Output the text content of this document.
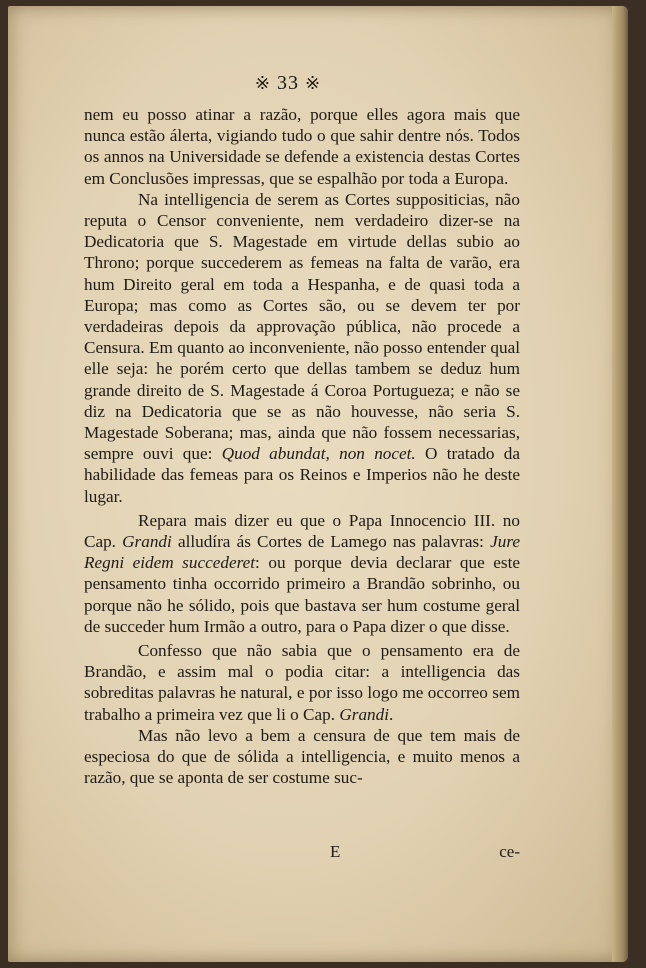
※ 33 ※

nem eu posso atinar a razão, porque elles agora mais que nunca estão álerta, vigiando tudo o que sahir dentre nós. Todos os annos na Universidade se defende a existencia destas Cortes em Conclusões impressas, que se espalhão por toda a Europa.

Na intelligencia de serem as Cortes suppositicias, não reputa o Censor conveniente, nem verdadeiro dizer-se na Dedicatoria que S. Magestade em virtude dellas subio ao Throno; porque succederem as femeas na falta de varão, era hum Direito geral em toda a Hespanha, e de quasi toda a Europa; mas como as Cortes são, ou se devem ter por verdadeiras depois da approvação pública, não procede a Censura. Em quanto ao inconveniente, não posso entender qual elle seja: he porém certo que dellas tambem se deduz hum grande direito de S. Magestade á Coroa Portugueza; e não se diz na Dedicatoria que se as não houvesse, não seria S. Magestade Soberana; mas, ainda que não fossem necessarias, sempre ouvi que: Quod abundat, non nocet. O tratado da habilidade das femeas para os Reinos e Imperios não he deste lugar.

Repara mais dizer eu que o Papa Innocencio III. no Cap. Grandi alludíra ás Cortes de Lamego nas palavras: Jure Regni eidem succederet: ou porque devia declarar que este pensamento tinha occorrido primeiro a Brandão sobrinho, ou porque não he sólido, pois que bastava ser hum costume geral de succeder hum Irmão a outro, para o Papa dizer o que disse.

Confesso que não sabia que o pensamento era de Brandão, e assim mal o podia citar: a intelligencia das sobreditas palavras he natural, e por isso logo me occorreo sem trabalho a primeira vez que li o Cap. Grandi.

Mas não levo a bem a censura de que tem mais de especiosa do que de sólida a intelligencia, e muito menos a razão, que se aponta de ser costume suc-

E	ce-
